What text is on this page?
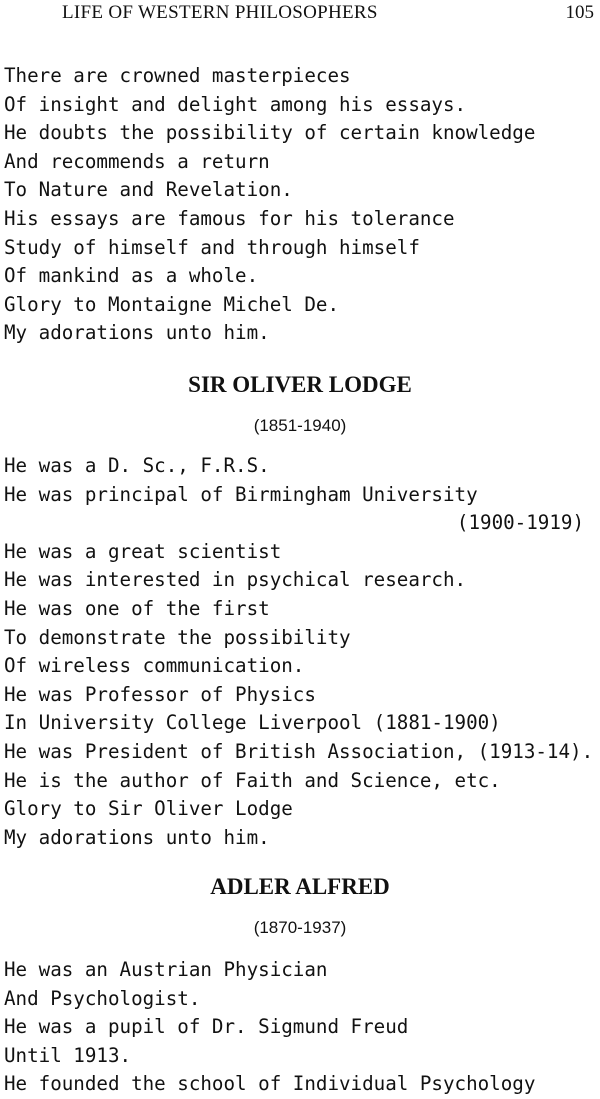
LIFE OF WESTERN PHILOSOPHERS	105
There are crowned masterpieces
Of insight and delight among his essays.
He doubts the possibility of certain knowledge
And recommends a return
To Nature and Revelation.
His essays are famous for his tolerance
Study of himself and through himself
Of mankind as a whole.
Glory to Montaigne Michel De.
My adorations unto him.
SIR OLIVER LODGE
(1851-1940)
He was a D. Sc., F.R.S.
He was principal of Birmingham University
(1900-1919)
He was a great scientist
He was interested in psychical research.
He was one of the first
To demonstrate the possibility
Of wireless communication.
He was Professor of Physics
In University College Liverpool (1881-1900)
He was President of British Association, (1913-14).
He is the author of Faith and Science, etc.
Glory to Sir Oliver Lodge
My adorations unto him.
ADLER ALFRED
(1870-1937)
He was an Austrian Physician
And Psychologist.
He was a pupil of Dr. Sigmund Freud
Until 1913.
He founded the school of Individual Psychology
